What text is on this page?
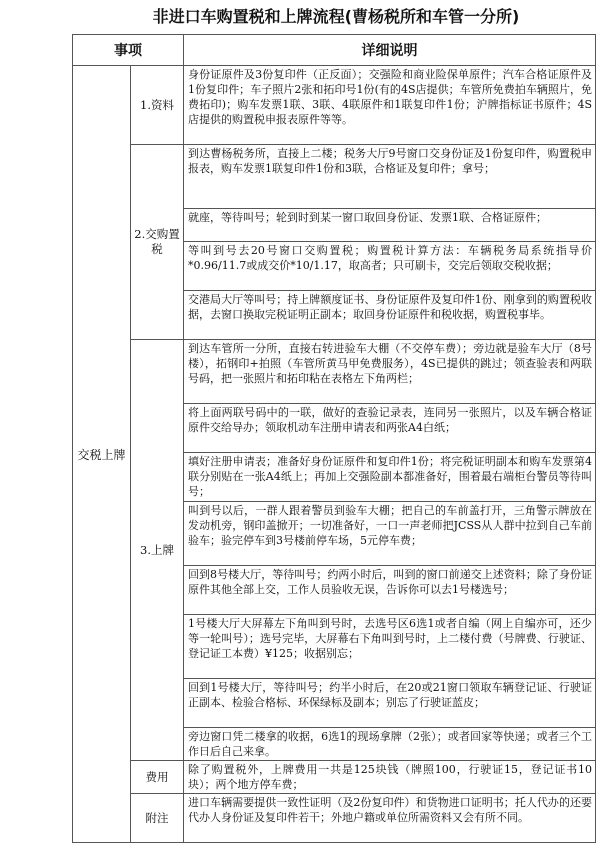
非进口车购置税和上牌流程(曹杨税所和车管一分所)
事项		详细说明
交税上牌	1.资料	身份证原件及3份复印件（正反面）；交强险和商业险保单原件；汽车合格证原件及1份复印件；车子照片2张和拓印号1份(有的4S店提供；车管所免费拍车辆照片，免费拓印)；购车发票1联、3联、4联原件和1联复印件1份；沪牌指标证书原件；4S店提供的购置税申报表原件等等。
	2.交购置税	到达曹杨税务所，直接上二楼；税务大厅9号窗口交身份证及1份复印件，购置税申报表，购车发票1联复印件1份和3联，合格证及复印件；拿号；
		就座，等待叫号；轮到时到某一窗口取回身份证、发票1联、合格证原件；
		等叫到号去20号窗口交购置税；购置税计算方法：车辆税务局系统指导价*0.96/11.7或成交价*10/1.17，取高者；只可刷卡，交完后领取交税收据；
		交港局大厅等叫号；持上牌额度证书、身份证原件及复印件1份、刚拿到的购置税收据，去窗口换取完税证明正副本；取回身份证原件和税收据，购置税事毕。
	3.上牌	到达车管所一分所，直接右转进验车大棚（不交停车费）；旁边就是验车大厅（8号楼），拓钢印+拍照（车管所黄马甲免费服务），4S已提供的跳过；领查验表和两联号码，把一张照片和拓印粘在表格左下角两栏；
		将上面两联号码中的一联，做好的查验记录表，连同另一张照片，以及车辆合格证原件交给导办；领取机动车注册申请表和两张A4白纸；
		填好注册申请表；准备好身份证原件和复印件1份；将完税证明副本和购车发票第4联分别贴在一张A4纸上；再加上交强险副本都准备好，围着最右端柜台警员等待叫号；
		叫到号以后，一群人跟着警员到验车大棚；把自己的车前盖打开，三角警示牌放在发动机旁，钢印盖掀开；一切准备好，一口一声老师把JCSS从人群中拉到自己车前验车；验完停车到3号楼前停车场，5元停车费；
		回到8号楼大厅，等待叫号；约两小时后，叫到的窗口前递交上述资料；除了身份证原件其他全部上交，工作人员验收无误，告诉你可以去1号楼选号；
		1号楼大厅大屏幕左下角叫到号时，去选号区6选1或者自编（网上自编亦可，还少等一轮叫号）；选号完毕，大屏幕右下角叫到号时，上二楼付费（号牌费、行驶证、登记证工本费）¥125；收据别忘；
		回到1号楼大厅，等待叫号；约半小时后，在20或21窗口领取车辆登记证、行驶证正副本、检验合格标、环保绿标及副本；别忘了行驶证蓝皮；
		旁边窗口凭二楼拿的收据，6选1的现场拿牌（2张）；或者回家等快递；或者三个工作日后自己来拿。
	费用	除了购置税外，上牌费用一共是125块钱（牌照100，行驶证15，登记证书10块）；两个地方停车费；
	附注	进口车辆需要提供一致性证明（及2份复印件）和货物进口证明书；托人代办的还要代办人身份证及复印件若干；外地户籍或单位所需资料又会有所不同。
